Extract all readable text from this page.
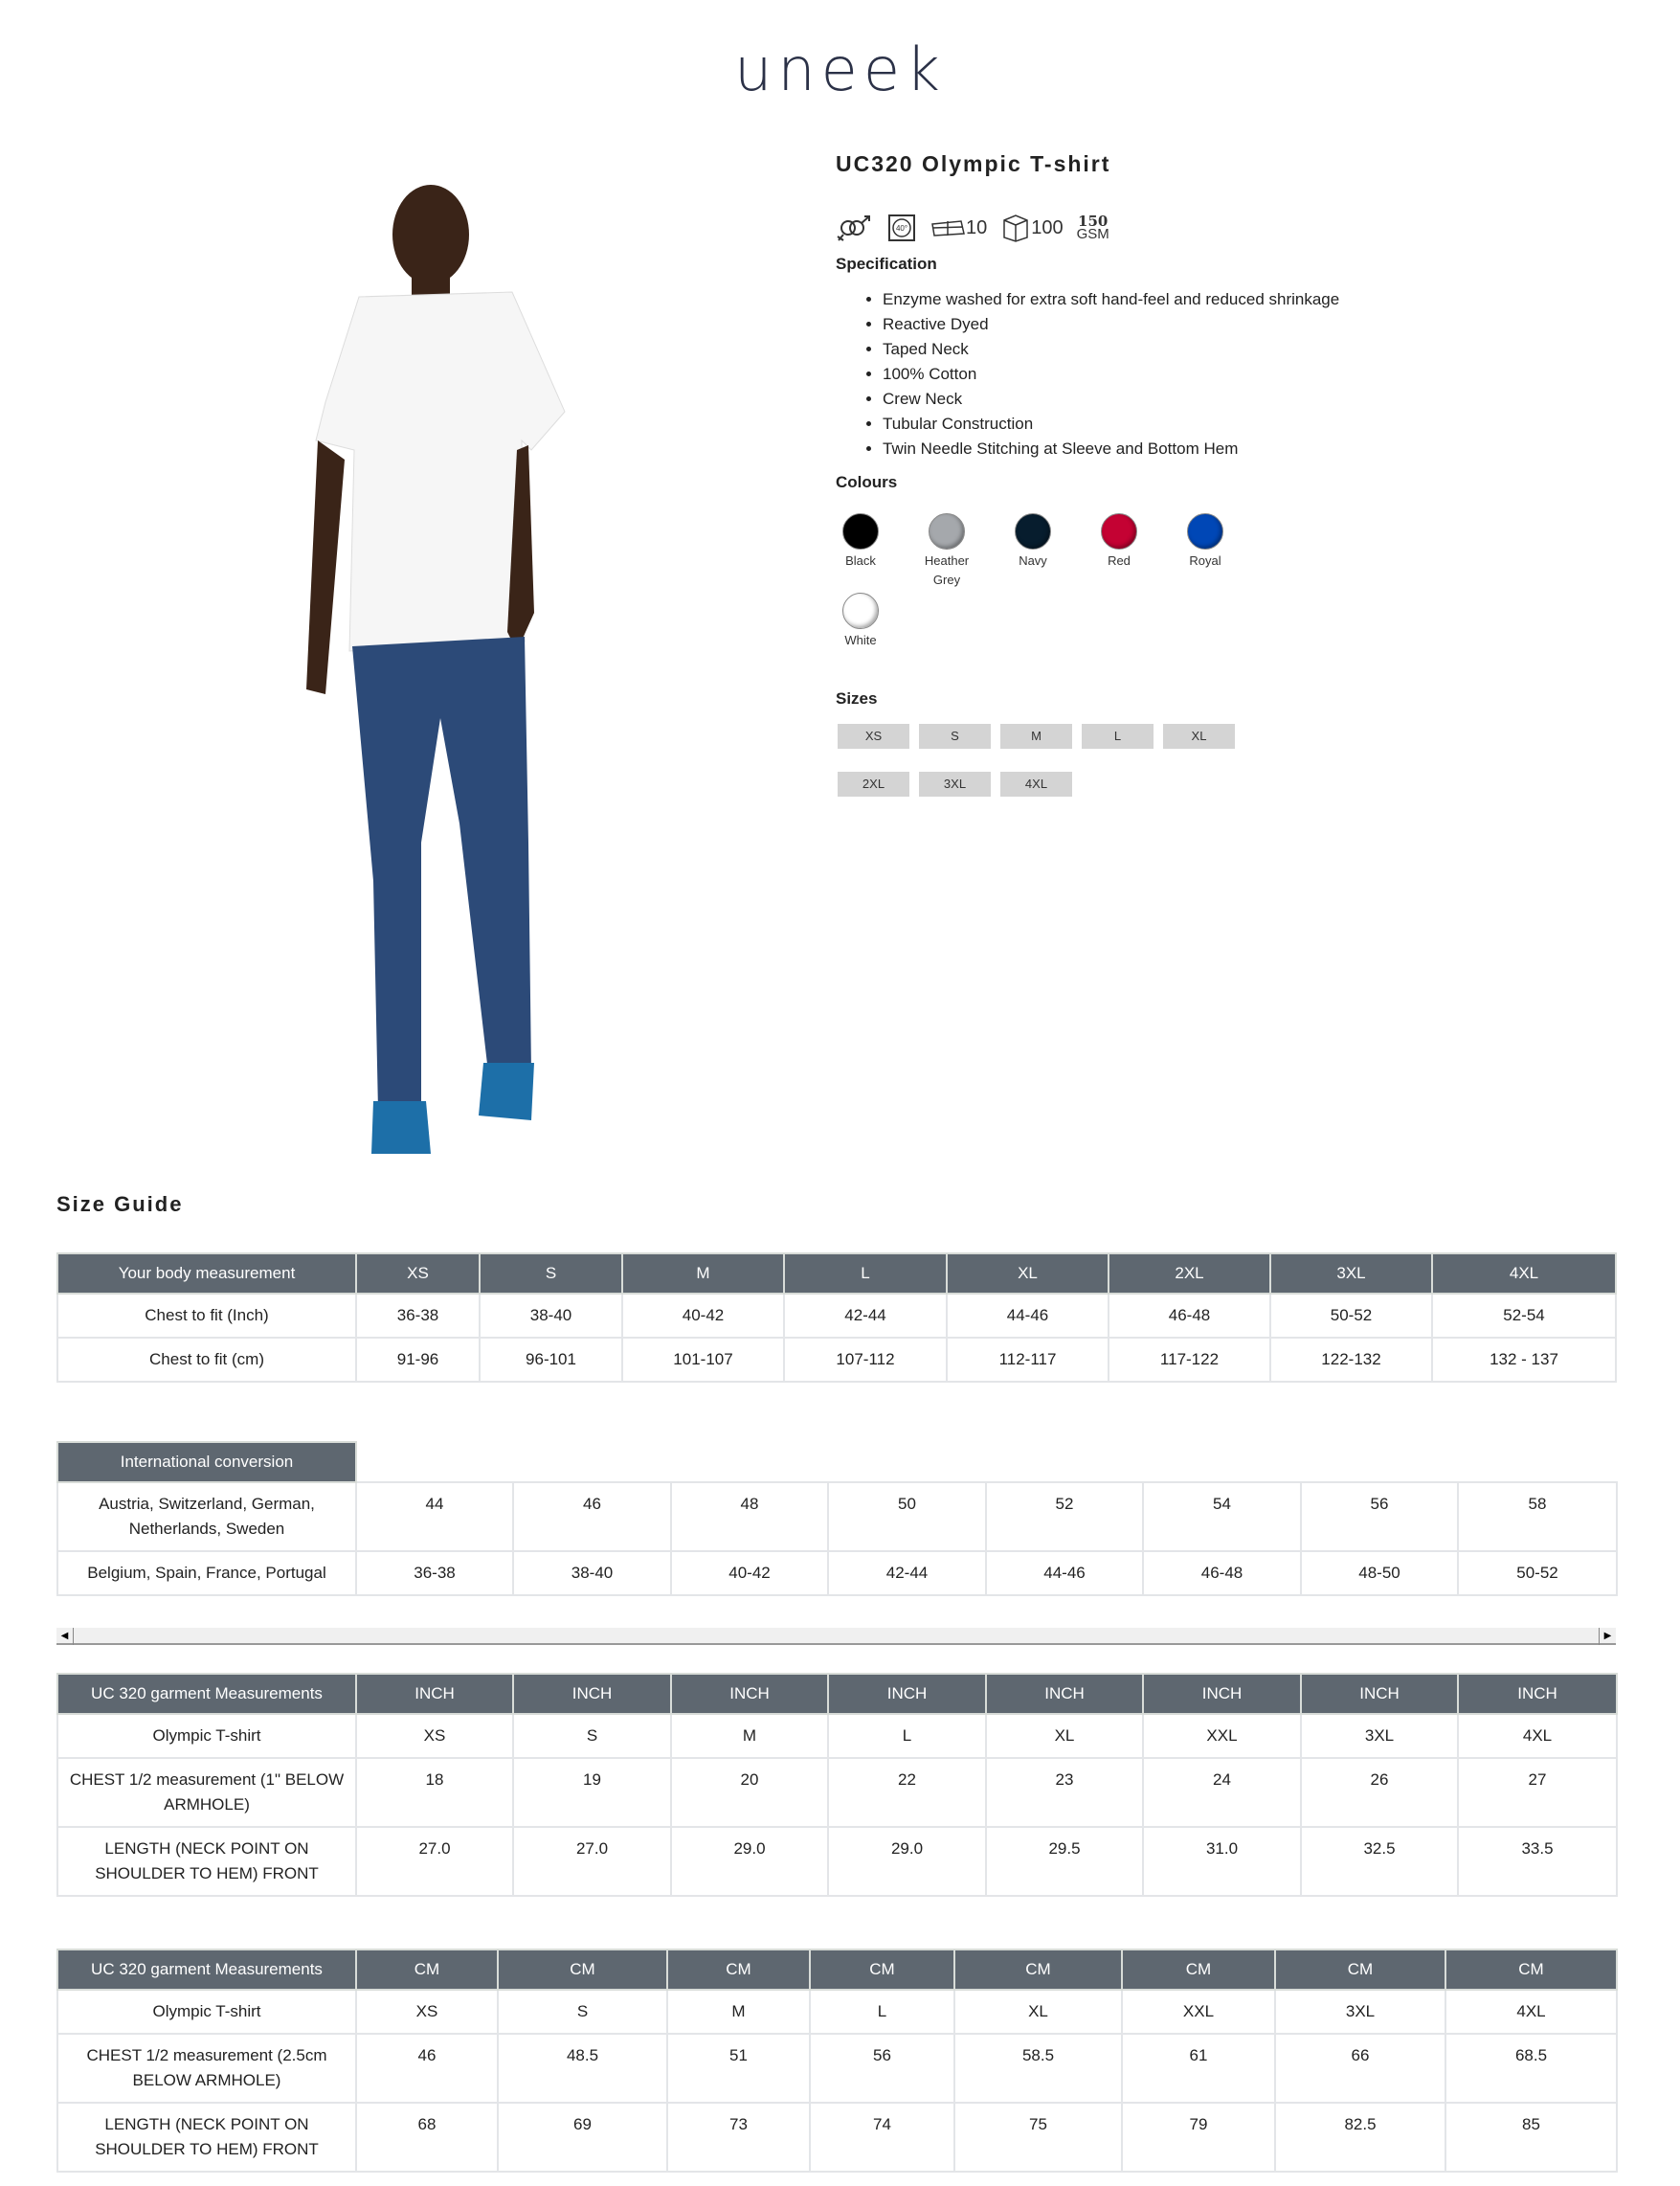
uneek
UC320 Olympic T-shirt
40°	10 100 150
GSM
Specification
• Enzyme washed for extra soft hand-feel and reduced shrinkage
• Reactive Dyed
• Taped Neck
• 100% Cotton
• Crew Neck
• Tubular Construction
• Twin Needle Stitching at Sleeve and Bottom Hem
Colours
Black	Heather
Grey
Navy	Red	Royal
White
Sizes
XS	S	M	L	XL
2XL	3XL	4XL
Size Guide
Your body measurement	XS	S	M	L	XL	2XL	3XL	4XL
Chest to fit (Inch)	36-38	38-40	40-42	42-44	44-46	46-48	50-52	52-54
Chest to fit (cm)	91-96	96-101	101-107	107-112	112-117	117-122	122-132	132 - 137
International conversion								
Austria, Switzerland, German, Netherlands, Sweden	44	46	48	50	52	54	56	58
Belgium, Spain, France, Portugal	36-38	38-40	40-42	42-44	44-46	46-48	48-50	50-52
UC 320 garment Measurements	INCH	INCH	INCH	INCH	INCH	INCH	INCH	INCH
Olympic T-shirt	XS	S	M	L	XL	XXL	3XL	4XL
CHEST 1/2 measurement (1" BELOW ARMHOLE)	18	19	20	22	23	24	26	27
LENGTH (NECK POINT ON SHOULDER TO HEM) FRONT	27.0	27.0	29.0	29.0	29.5	31.0	32.5	33.5
UC 320 garment Measurements	CM	CM	CM	CM	CM	CM	CM	CM
Olympic T-shirt	XS	S	M	L	XL	XXL	3XL	4XL
CHEST 1/2 measurement (2.5cm BELOW ARMHOLE)	46	48.5	51	56	58.5	61	66	68.5
LENGTH (NECK POINT ON SHOULDER TO HEM) FRONT	68	69	73	74	75	79	82.5	85
◀	▶
